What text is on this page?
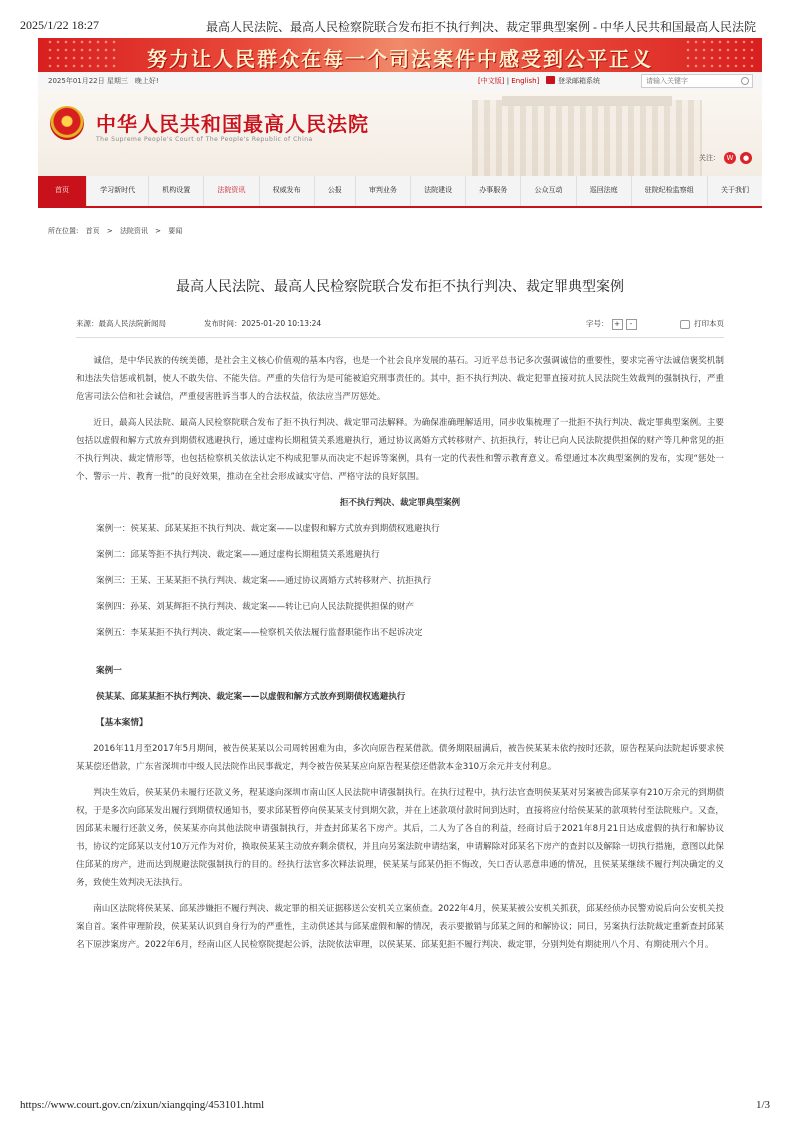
2025/1/22 18:27	最高人民法院、最高人民检察院联合发布拒不执行判决、裁定罪典型案例 - 中华人民共和国最高人民法院
努力让人民群众在每一个司法案件中感受到公平正义
2025年01月22日 星期三　晚上好!	[中文版] | English]	登录邮箱系统
请输入关键字
中华人民共和国最高人民法院
The Supreme People's Court of The People's Republic of China
关注： W ●
首页	学习新时代	机构设置	法院资讯	权威发布	公报	审判业务	法院建设	办事服务	公众互动	巡回法庭	驻院纪检监察组	关于我们
所在位置: 首页 > 法院资讯 > 要闻
最高人民法院、最高人民检察院联合发布拒不执行判决、裁定罪典型案例
来源：最高人民法院新闻局	发布时间：2025-01-20 10:13:24	字号： + -	打印本页

诚信，是中华民族的传统美德，是社会主义核心价值观的基本内容，也是一个社会良序发展的基石。习近平总书记多次强调诚信的重要性，要求完善守法诚信褒奖机制和违法失信惩戒机制，使人不敢失信、不能失信。严重的失信行为是可能被追究刑事责任的。其中，拒不执行判决、裁定犯罪直接对抗人民法院生效裁判的强制执行，严重危害司法公信和社会诚信，严重侵害胜诉当事人的合法权益，依法应当严厉惩处。

近日，最高人民法院、最高人民检察院联合发布了拒不执行判决、裁定罪司法解释。为确保准确理解适用，同步收集梳理了一批拒不执行判决、裁定罪典型案例。主要包括以虚假和解方式放弃到期债权逃避执行，通过虚构长期租赁关系逃避执行，通过协议离婚方式转移财产、抗拒执行，转让已向人民法院提供担保的财产等几种常见的拒不执行判决、裁定情形等，也包括检察机关依法认定不构成犯罪从而决定不起诉等案例，具有一定的代表性和警示教育意义。希望通过本次典型案例的发布，实现“惩处一个、警示一片、教育一批”的良好效果，推动在全社会形成诚实守信、严格守法的良好氛围。

拒不执行判决、裁定罪典型案例

案例一：侯某某、邱某某拒不执行判决、裁定案——以虚假和解方式放弃到期债权逃避执行

案例二：邱某等拒不执行判决、裁定案——通过虚构长期租赁关系逃避执行

案例三：王某、王某某拒不执行判决、裁定案——通过协议离婚方式转移财产、抗拒执行

案例四：孙某、刘某辉拒不执行判决、裁定案——转让已向人民法院提供担保的财产

案例五：李某某拒不执行判决、裁定案——检察机关依法履行监督职能作出不起诉决定

案例一

侯某某、邱某某拒不执行判决、裁定案——以虚假和解方式放弃到期债权逃避执行

【基本案情】

2016年11月至2017年5月期间，被告侯某某以公司周转困难为由，多次向原告程某借款。债务期限届满后，被告侯某某未依约按时还款，原告程某向法院起诉要求侯某某偿还借款，广东省深圳市中级人民法院作出民事裁定，判令被告侯某某应向原告程某偿还借款本金310万余元并支付利息。

判决生效后，侯某某仍未履行还款义务，程某遂向深圳市南山区人民法院申请强制执行。在执行过程中，执行法官查明侯某某对另案被告邱某享有210万余元的到期债权，于是多次向邱某发出履行到期债权通知书，要求邱某暂停向侯某某支付到期欠款，并在上述款项付款时间到达时，直接将应付给侯某某的款项转付至法院账户。又查，因邱某未履行还款义务，侯某某亦向其他法院申请强制执行，并查封邱某名下房产。其后，二人为了各自的利益，经商讨后于2021年8月21日达成虚假的执行和解协议书，协议约定邱某以支付10万元作为对价，换取侯某某主动放弃剩余债权，并且向另案法院申请结案，申请解除对邱某名下房产的查封以及解除一切执行措施，意图以此保住邱某的房产，进而达到规避法院强制执行的目的。经执行法官多次释法说理，侯某某与邱某仍拒不悔改，矢口否认恶意串通的情况，且侯某某继续不履行判决确定的义务，致使生效判决无法执行。

南山区法院将侯某某、邱某涉嫌拒不履行判决、裁定罪的相关证据移送公安机关立案侦查。2022年4月，侯某某被公安机关抓获，邱某经侦办民警劝说后向公安机关投案自首。案件审理阶段，侯某某认识到自身行为的严重性，主动供述其与邱某虚假和解的情况，表示要撤销与邱某之间的和解协议；同日，另案执行法院裁定重新查封邱某名下原涉案房产。2022年6月，经南山区人民检察院提起公诉，法院依法审理，以侯某某、邱某犯拒不履行判决、裁定罪，分别判处有期徒刑八个月、有期徒刑六个月。

https://www.court.gov.cn/zixun/xiangqing/453101.html	1/3
